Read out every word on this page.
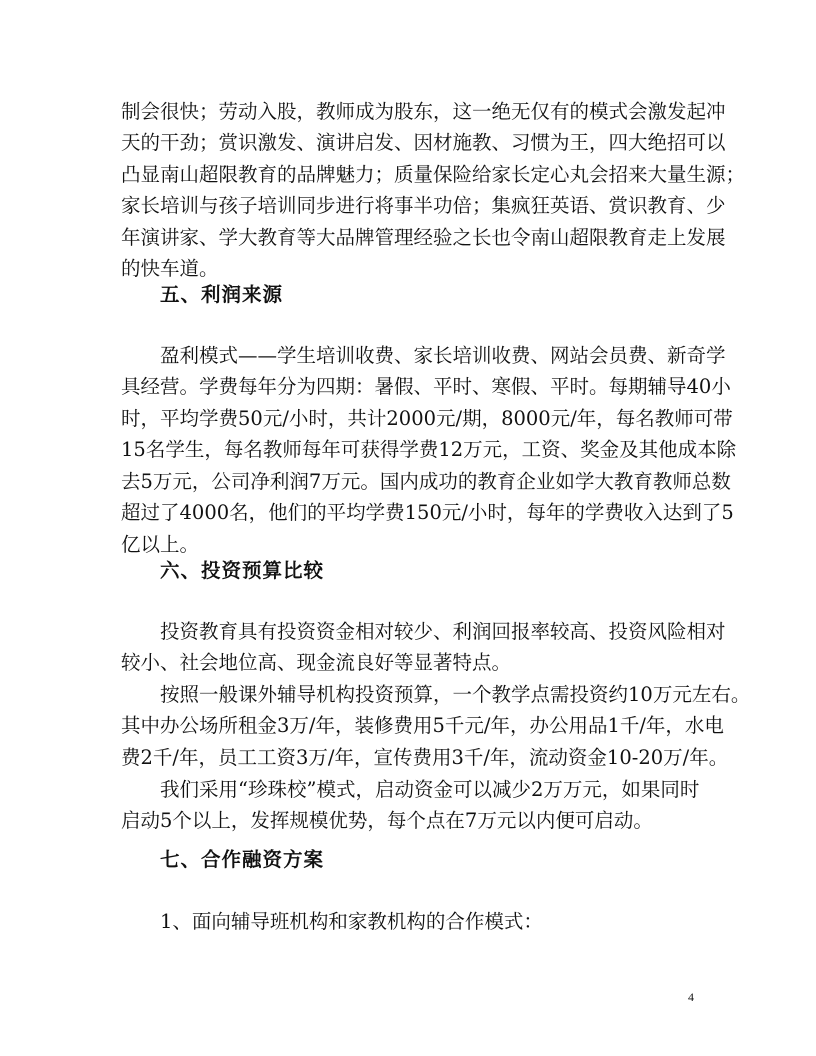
制会很快；劳动入股，教师成为股东，这一绝无仅有的模式会激发起冲
天的干劲；赏识激发、演讲启发、因材施教、习惯为王，四大绝招可以
凸显南山超限教育的品牌魅力；质量保险给家长定心丸会招来大量生源；
家长培训与孩子培训同步进行将事半功倍；集疯狂英语、赏识教育、少
年演讲家、学大教育等大品牌管理经验之长也令南山超限教育走上发展
的快车道。
五、利润来源
盈利模式——学生培训收费、家长培训收费、网站会员费、新奇学
具经营。学费每年分为四期：暑假、平时、寒假、平时。每期辅导40小
时，平均学费50元/小时，共计2000元/期，8000元/年，每名教师可带
15名学生，每名教师每年可获得学费12万元，工资、奖金及其他成本除
去5万元，公司净利润7万元。国内成功的教育企业如学大教育教师总数
超过了4000名，他们的平均学费150元/小时，每年的学费收入达到了5
亿以上。
六、投资预算比较
投资教育具有投资资金相对较少、利润回报率较高、投资风险相对
较小、社会地位高、现金流良好等显著特点。
按照一般课外辅导机构投资预算，一个教学点需投资约10万元左右。
其中办公场所租金3万/年，装修费用5千元/年，办公用品1千/年，水电
费2千/年，员工工资3万/年，宣传费用3千/年，流动资金10-20万/年。
我们采用“珍珠校”模式，启动资金可以减少2万万元，如果同时
启动5个以上，发挥规模优势，每个点在7万元以内便可启动。
七、合作融资方案
1、面向辅导班机构和家教机构的合作模式：
4
